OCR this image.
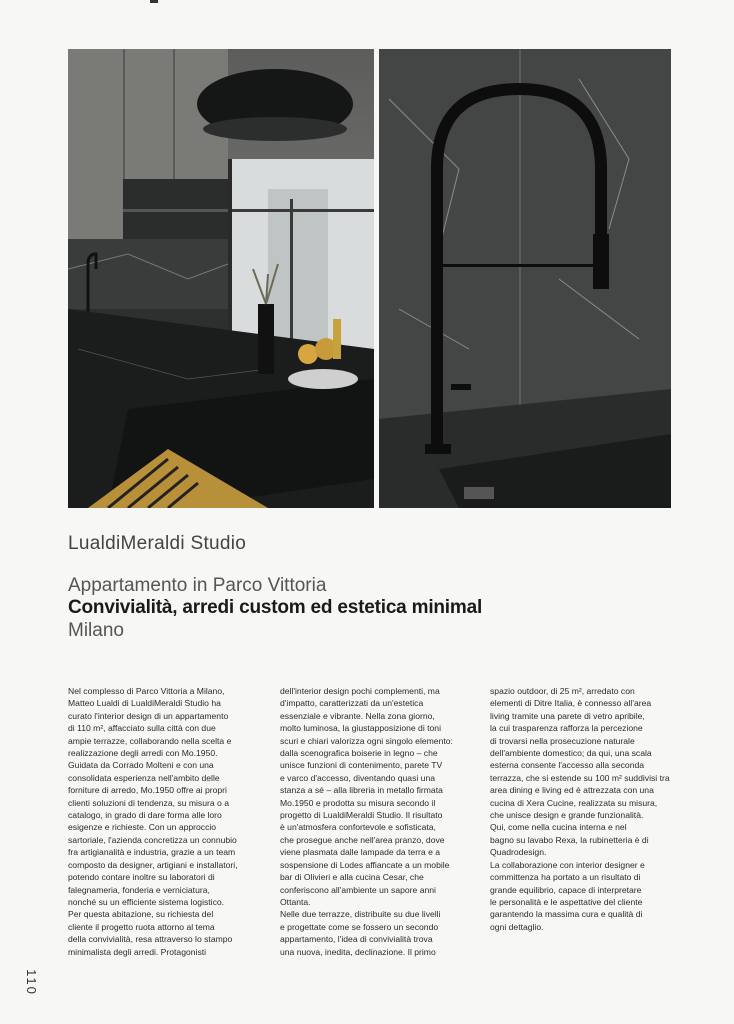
LualdiMeraldi Studio
Appartamento in Parco Vittoria
Convivialità, arredi custom ed estetica minimal
Milano

Nel complesso di Parco Vittoria a Milano,

Matteo Lualdi di LualdiMeraldi Studio ha

curato l'interior design di un appartamento

di 110 m², affacciato sulla città con due

ampie terrazze, collaborando nella scelta e

realizzazione degli arredi con Mo.1950.

Guidata da Corrado Molteni e con una

consolidata esperienza nell'ambito delle

forniture di arredo, Mo.1950 offre ai propri

clienti soluzioni di tendenza, su misura o a

catalogo, in grado di dare forma alle loro

esigenze e richieste. Con un approccio

sartoriale, l'azienda concretizza un connubio

fra artigianalità e industria, grazie a un team

composto da designer, artigiani e installatori,

potendo contare inoltre su laboratori di

falegnameria, fonderia e verniciatura,

nonché su un efficiente sistema logistico.

Per questa abitazione, su richiesta del

cliente il progetto ruota attorno al tema

della convivialità, resa attraverso lo stampo

minimalista degli arredi. Protagonisti

dell'interior design pochi complementi, ma

d'impatto, caratterizzati da un'estetica

essenziale e vibrante. Nella zona giorno,

molto luminosa, la giustapposizione di toni

scuri e chiari valorizza ogni singolo elemento:

dalla scenografica boiserie in legno – che

unisce funzioni di contenimento, parete TV

e varco d'accesso, diventando quasi una

stanza a sé – alla libreria in metallo firmata

Mo.1950 e prodotta su misura secondo il

progetto di LualdiMeraldi Studio. Il risultato

è un'atmosfera confortevole e sofisticata,

che prosegue anche nell'area pranzo, dove

viene plasmata dalle lampade da terra e a

sospensione di Lodes affiancate a un mobile

bar di Olivieri e alla cucina Cesar, che

conferiscono all'ambiente un sapore anni

Ottanta.

Nelle due terrazze, distribuite su due livelli

e progettate come se fossero un secondo

appartamento, l'idea di convivialità trova

una nuova, inedita, declinazione. Il primo

spazio outdoor, di 25 m², arredato con

elementi di Ditre Italia, è connesso all'area

living tramite una parete di vetro apribile,

la cui trasparenza rafforza la percezione

di trovarsi nella prosecuzione naturale

dell'ambiente domestico; da qui, una scala

esterna consente l'accesso alla seconda

terrazza, che si estende su 100 m² suddivisi tra

area dining e living ed è attrezzata con una

cucina di Xera Cucine, realizzata su misura,

che unisce design e grande funzionalità.

Qui, come nella cucina interna e nel

bagno su lavabo Rexa, la rubinetteria è di

Quadrodesign.

La collaborazione con interior designer e

committenza ha portato a un risultato di

grande equilibrio, capace di interpretare

le personalità e le aspettative del cliente

garantendo la massima cura e qualità di

ogni dettaglio.

110
